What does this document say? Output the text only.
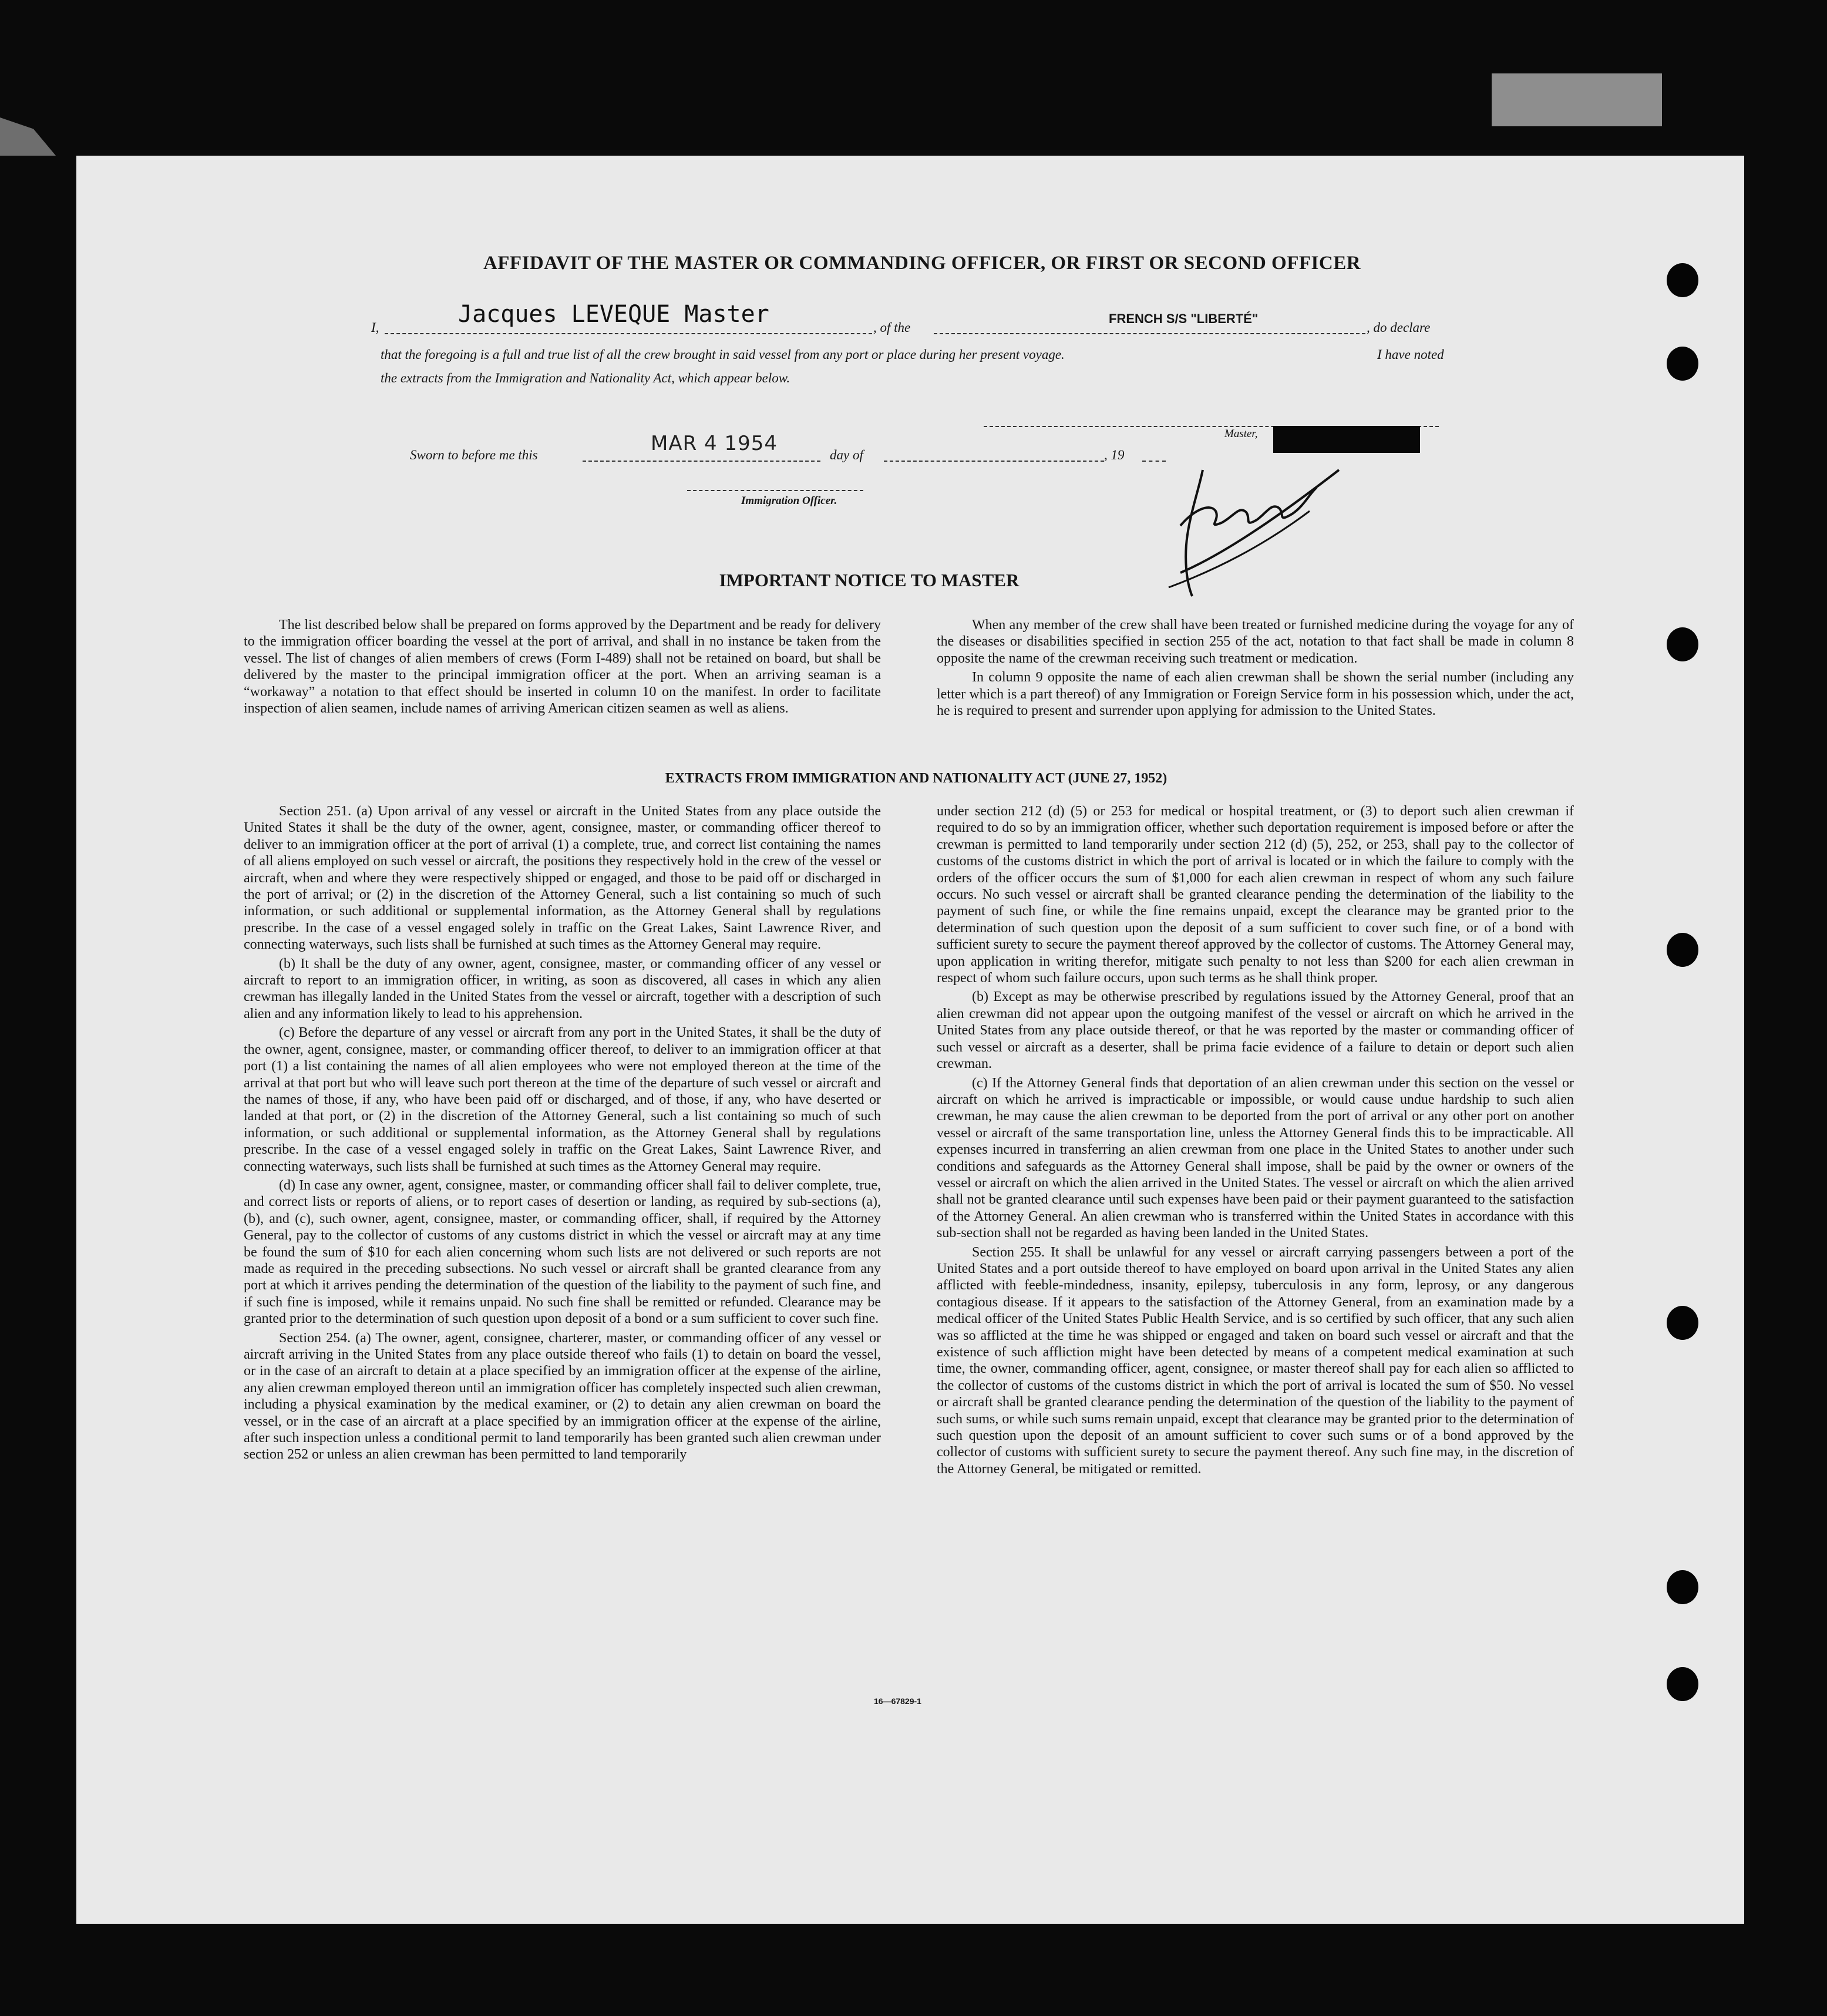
AFFIDAVIT OF THE MASTER OR COMMANDING OFFICER, OR FIRST OR SECOND OFFICER
I,	Jacques LEVEQUE Master	, of the
FRENCH S/S "LIBERTÉ"
, do declare
that the foregoing is a full and true list of all the crew brought in said vessel from any port or place during her present voyage.	I have noted
the extracts from the Immigration and Nationality Act, which appear below.
Master,
Sworn to before me this	MAR 4 1954	day of	, 19
Immigration Officer.
IMPORTANT NOTICE TO MASTER

The list described below shall be prepared on forms approved by the Department and be ready for delivery to the immigration officer boarding the vessel at the port of arrival, and shall in no instance be taken from the vessel. The list of changes of alien members of crews (Form I-489) shall not be retained on board, but shall be delivered by the master to the principal immigration officer at the port. When an arriving seaman is a “workaway” a notation to that effect should be inserted in column 10 on the manifest. In order to facilitate inspection of alien seamen, include names of arriving American citizen seamen as well as aliens.

When any member of the crew shall have been treated or furnished medicine during the voyage for any of the diseases or disabilities specified in section 255 of the act, notation to that fact shall be made in column 8 opposite the name of the crewman receiving such treatment or medication.

In column 9 opposite the name of each alien crewman shall be shown the serial number (including any letter which is a part thereof) of any Immigration or Foreign Service form in his possession which, under the act, he is required to present and surrender upon applying for admission to the United States.

EXTRACTS FROM IMMIGRATION AND NATIONALITY ACT (JUNE 27, 1952)

Section 251. (a) Upon arrival of any vessel or aircraft in the United States from any place outside the United States it shall be the duty of the owner, agent, consignee, master, or commanding officer thereof to deliver to an immigration officer at the port of arrival (1) a complete, true, and correct list containing the names of all aliens employed on such vessel or aircraft, the positions they respectively hold in the crew of the vessel or aircraft, when and where they were respectively shipped or engaged, and those to be paid off or discharged in the port of arrival; or (2) in the discretion of the Attorney General, such a list containing so much of such information, or such additional or supplemental information, as the Attorney General shall by regulations prescribe. In the case of a vessel engaged solely in traffic on the Great Lakes, Saint Lawrence River, and connecting waterways, such lists shall be furnished at such times as the Attorney General may require.

(b) It shall be the duty of any owner, agent, consignee, master, or commanding officer of any vessel or aircraft to report to an immigration officer, in writing, as soon as discovered, all cases in which any alien crewman has illegally landed in the United States from the vessel or aircraft, together with a description of such alien and any information likely to lead to his apprehension.

(c) Before the departure of any vessel or aircraft from any port in the United States, it shall be the duty of the owner, agent, consignee, master, or commanding officer thereof, to deliver to an immigration officer at that port (1) a list containing the names of all alien employees who were not employed thereon at the time of the arrival at that port but who will leave such port thereon at the time of the departure of such vessel or aircraft and the names of those, if any, who have been paid off or discharged, and of those, if any, who have deserted or landed at that port, or (2) in the discretion of the Attorney General, such a list containing so much of such information, or such additional or supplemental information, as the Attorney General shall by regulations prescribe. In the case of a vessel engaged solely in traffic on the Great Lakes, Saint Lawrence River, and connecting waterways, such lists shall be furnished at such times as the Attorney General may require.

(d) In case any owner, agent, consignee, master, or commanding officer shall fail to deliver complete, true, and correct lists or reports of aliens, or to report cases of desertion or landing, as required by sub-sections (a), (b), and (c), such owner, agent, consignee, master, or commanding officer, shall, if required by the Attorney General, pay to the collector of customs of any customs district in which the vessel or aircraft may at any time be found the sum of $10 for each alien concerning whom such lists are not delivered or such reports are not made as required in the preceding subsections. No such vessel or aircraft shall be granted clearance from any port at which it arrives pending the determination of the question of the liability to the payment of such fine, and if such fine is imposed, while it remains unpaid. No such fine shall be remitted or refunded. Clearance may be granted prior to the determination of such question upon deposit of a bond or a sum sufficient to cover such fine.

Section 254. (a) The owner, agent, consignee, charterer, master, or commanding officer of any vessel or aircraft arriving in the United States from any place outside thereof who fails (1) to detain on board the vessel, or in the case of an aircraft to detain at a place specified by an immigration officer at the expense of the airline, any alien crewman employed thereon until an immigration officer has completely inspected such alien crewman, including a physical examination by the medical examiner, or (2) to detain any alien crewman on board the vessel, or in the case of an aircraft at a place specified by an immigration officer at the expense of the airline, after such inspection unless a conditional permit to land temporarily has been granted such alien crewman under section 252 or unless an alien crewman has been permitted to land temporarily

under section 212 (d) (5) or 253 for medical or hospital treatment, or (3) to deport such alien crewman if required to do so by an immigration officer, whether such deportation requirement is imposed before or after the crewman is permitted to land temporarily under section 212 (d) (5), 252, or 253, shall pay to the collector of customs of the customs district in which the port of arrival is located or in which the failure to comply with the orders of the officer occurs the sum of $1,000 for each alien crewman in respect of whom any such failure occurs. No such vessel or aircraft shall be granted clearance pending the determination of the liability to the payment of such fine, or while the fine remains unpaid, except the clearance may be granted prior to the determination of such question upon the deposit of a sum sufficient to cover such fine, or of a bond with sufficient surety to secure the payment thereof approved by the collector of customs. The Attorney General may, upon application in writing therefor, mitigate such penalty to not less than $200 for each alien crewman in respect of whom such failure occurs, upon such terms as he shall think proper.

(b) Except as may be otherwise prescribed by regulations issued by the Attorney General, proof that an alien crewman did not appear upon the outgoing manifest of the vessel or aircraft on which he arrived in the United States from any place outside thereof, or that he was reported by the master or commanding officer of such vessel or aircraft as a deserter, shall be prima facie evidence of a failure to detain or deport such alien crewman.

(c) If the Attorney General finds that deportation of an alien crewman under this section on the vessel or aircraft on which he arrived is impracticable or impossible, or would cause undue hardship to such alien crewman, he may cause the alien crewman to be deported from the port of arrival or any other port on another vessel or aircraft of the same transportation line, unless the Attorney General finds this to be impracticable. All expenses incurred in transferring an alien crewman from one place in the United States to another under such conditions and safeguards as the Attorney General shall impose, shall be paid by the owner or owners of the vessel or aircraft on which the alien arrived in the United States. The vessel or aircraft on which the alien arrived shall not be granted clearance until such expenses have been paid or their payment guaranteed to the satisfaction of the Attorney General. An alien crewman who is transferred within the United States in accordance with this sub-section shall not be regarded as having been landed in the United States.

Section 255. It shall be unlawful for any vessel or aircraft carrying passengers between a port of the United States and a port outside thereof to have employed on board upon arrival in the United States any alien afflicted with feeble-mindedness, insanity, epilepsy, tuberculosis in any form, leprosy, or any dangerous contagious disease. If it appears to the satisfaction of the Attorney General, from an examination made by a medical officer of the United States Public Health Service, and is so certified by such officer, that any such alien was so afflicted at the time he was shipped or engaged and taken on board such vessel or aircraft and that the existence of such affliction might have been detected by means of a competent medical examination at such time, the owner, commanding officer, agent, consignee, or master thereof shall pay for each alien so afflicted to the collector of customs of the customs district in which the port of arrival is located the sum of $50. No vessel or aircraft shall be granted clearance pending the determination of the question of the liability to the payment of such sums, or while such sums remain unpaid, except that clearance may be granted prior to the determination of such question upon the deposit of an amount sufficient to cover such sums or of a bond approved by the collector of customs with sufficient surety to secure the payment thereof. Any such fine may, in the discretion of the Attorney General, be mitigated or remitted.

16—67829-1
